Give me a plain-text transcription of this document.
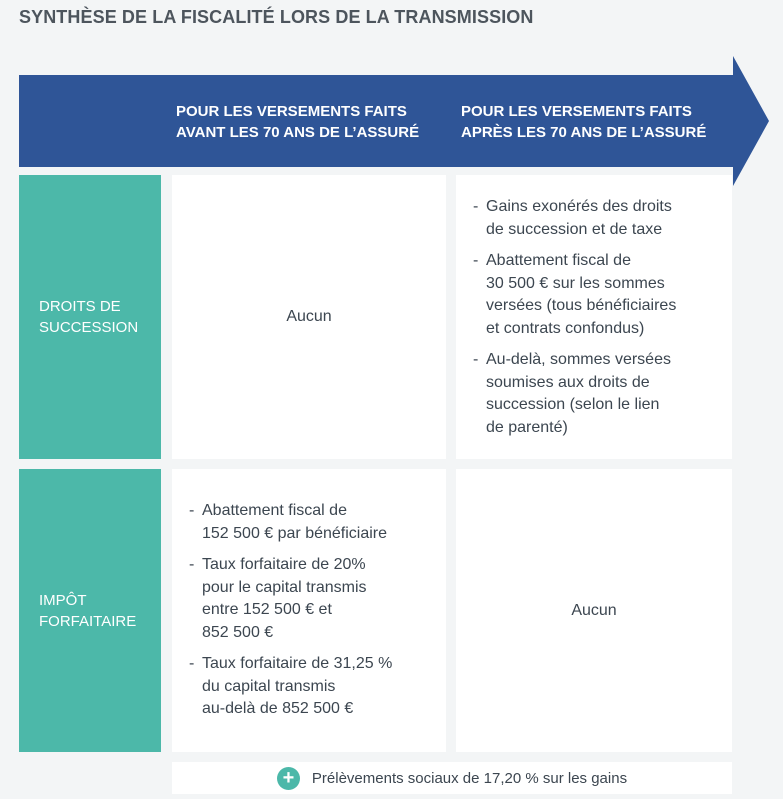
SYNTHÈSE DE LA FISCALITÉ LORS DE LA TRANSMISSION
POUR LES VERSEMENTS FAITS
AVANT LES 70 ANS DE L’ASSURÉ
POUR LES VERSEMENTS FAITS
APRÈS LES 70 ANS DE L’ASSURÉ
DROITS DE
SUCCESSION
Aucun
- Gains exonérés des droits
de succession et de taxe
- Abattement fiscal de
30 500 € sur les sommes
versées (tous bénéficiaires
et contrats confondus)
- Au-delà, sommes versées
soumises aux droits de
succession (selon le lien
de parenté)
IMPÔT
FORFAITAIRE
- Abattement fiscal de
152 500 € par bénéficiaire
- Taux forfaitaire de 20%
pour le capital transmis
entre 152 500 € et
852 500 €
- Taux forfaitaire de 31,25 %
du capital transmis
au-delà de 852 500 €
Aucun
+	Prélèvements sociaux de 17,20 % sur les gains
